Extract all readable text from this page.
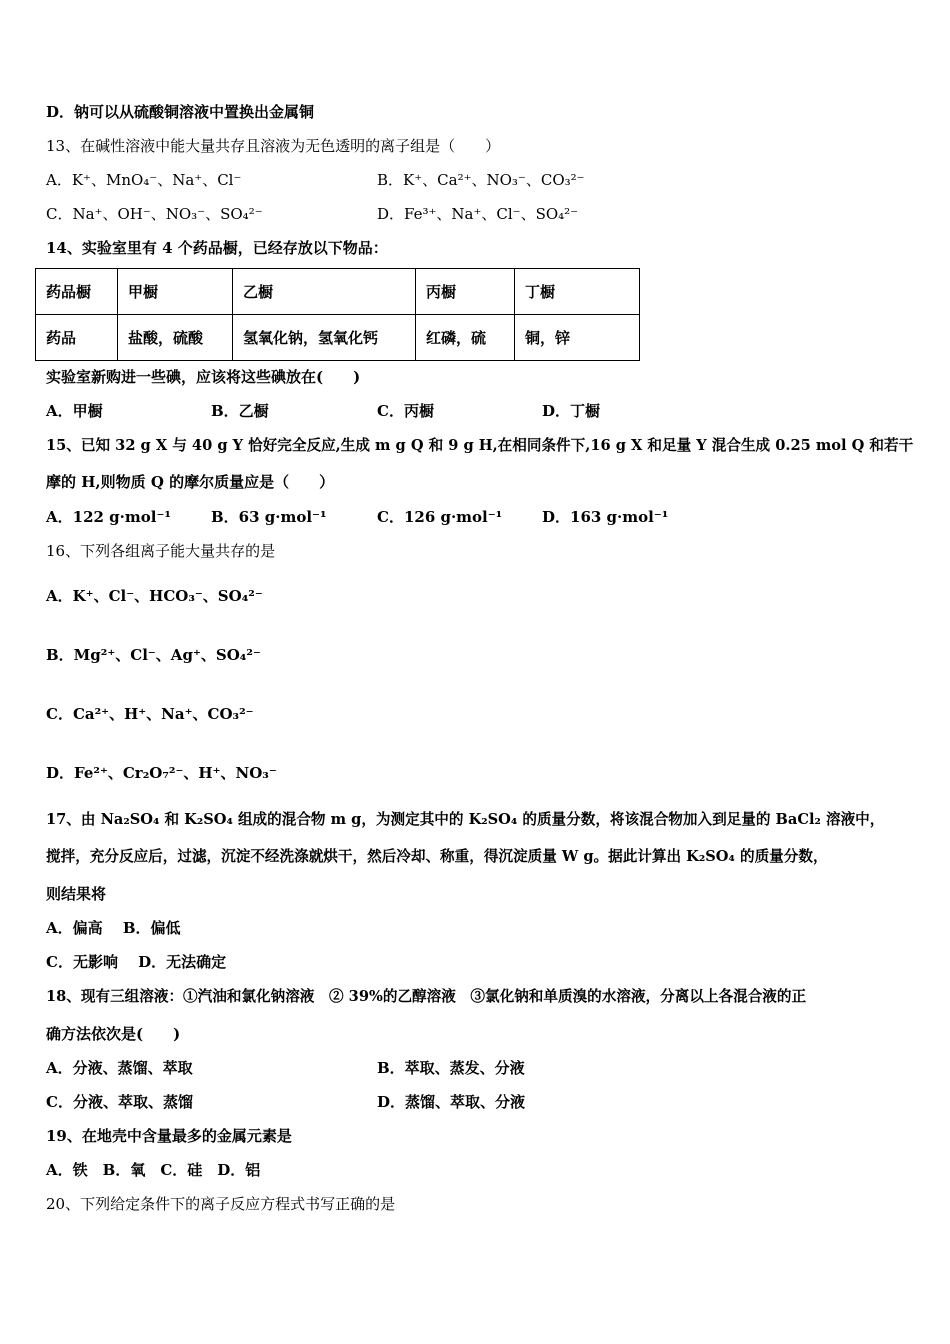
D．钠可以从硫酸铜溶液中置换出金属铜
13、在碱性溶液中能大量共存且溶液为无色透明的离子组是（　　）
A．K⁺、MnO₄⁻、Na⁺、Cl⁻	B．K⁺、Ca²⁺、NO₃⁻、CO₃²⁻
C．Na⁺、OH⁻、NO₃⁻、SO₄²⁻	D．Fe³⁺、Na⁺、Cl⁻、SO₄²⁻
14、实验室里有 4 个药品橱，已经存放以下物品：
药品橱	甲橱	乙橱	丙橱	丁橱
药品	盐酸，硫酸	氢氧化钠，氢氧化钙	红磷，硫	铜，锌
实验室新购进一些碘，应该将这些碘放在(　　)
A．甲橱	B．乙橱	C．丙橱	D．丁橱
15、已知 32 g X 与 40 g Y 恰好完全反应,生成 m g Q 和 9 g H,在相同条件下,16 g X 和足量 Y 混合生成 0.25 mol Q 和若干
摩的 H,则物质 Q 的摩尔质量应是（　　）
A．122 g·mol⁻¹	B．63 g·mol⁻¹	C．126 g·mol⁻¹	D．163 g·mol⁻¹
16、下列各组离子能大量共存的是
A．K⁺、Cl⁻、HCO₃⁻、SO₄²⁻
B．Mg²⁺、Cl⁻、Ag⁺、SO₄²⁻
C．Ca²⁺、H⁺、Na⁺、CO₃²⁻
D．Fe²⁺、Cr₂O₇²⁻、H⁺、NO₃⁻
17、由 Na₂SO₄ 和 K₂SO₄ 组成的混合物 m g，为测定其中的 K₂SO₄ 的质量分数，将该混合物加入到足量的 BaCl₂ 溶液中，
搅拌，充分反应后，过滤，沉淀不经洗涤就烘干，然后冷却、称重，得沉淀质量 W g。据此计算出 K₂SO₄ 的质量分数，
则结果将
A．偏高　 B．偏低
C．无影响　 D．无法确定
18、现有三组溶液：①汽油和氯化钠溶液　② 39%的乙醇溶液　③氯化钠和单质溴的水溶液，分离以上各混合液的正
确方法依次是(　　)
A．分液、蒸馏、萃取	B．萃取、蒸发、分液
C．分液、萃取、蒸馏	D．蒸馏、萃取、分液
19、在地壳中含量最多的金属元素是
A．铁　B．氧　C．硅　D．铝
20、下列给定条件下的离子反应方程式书写正确的是
